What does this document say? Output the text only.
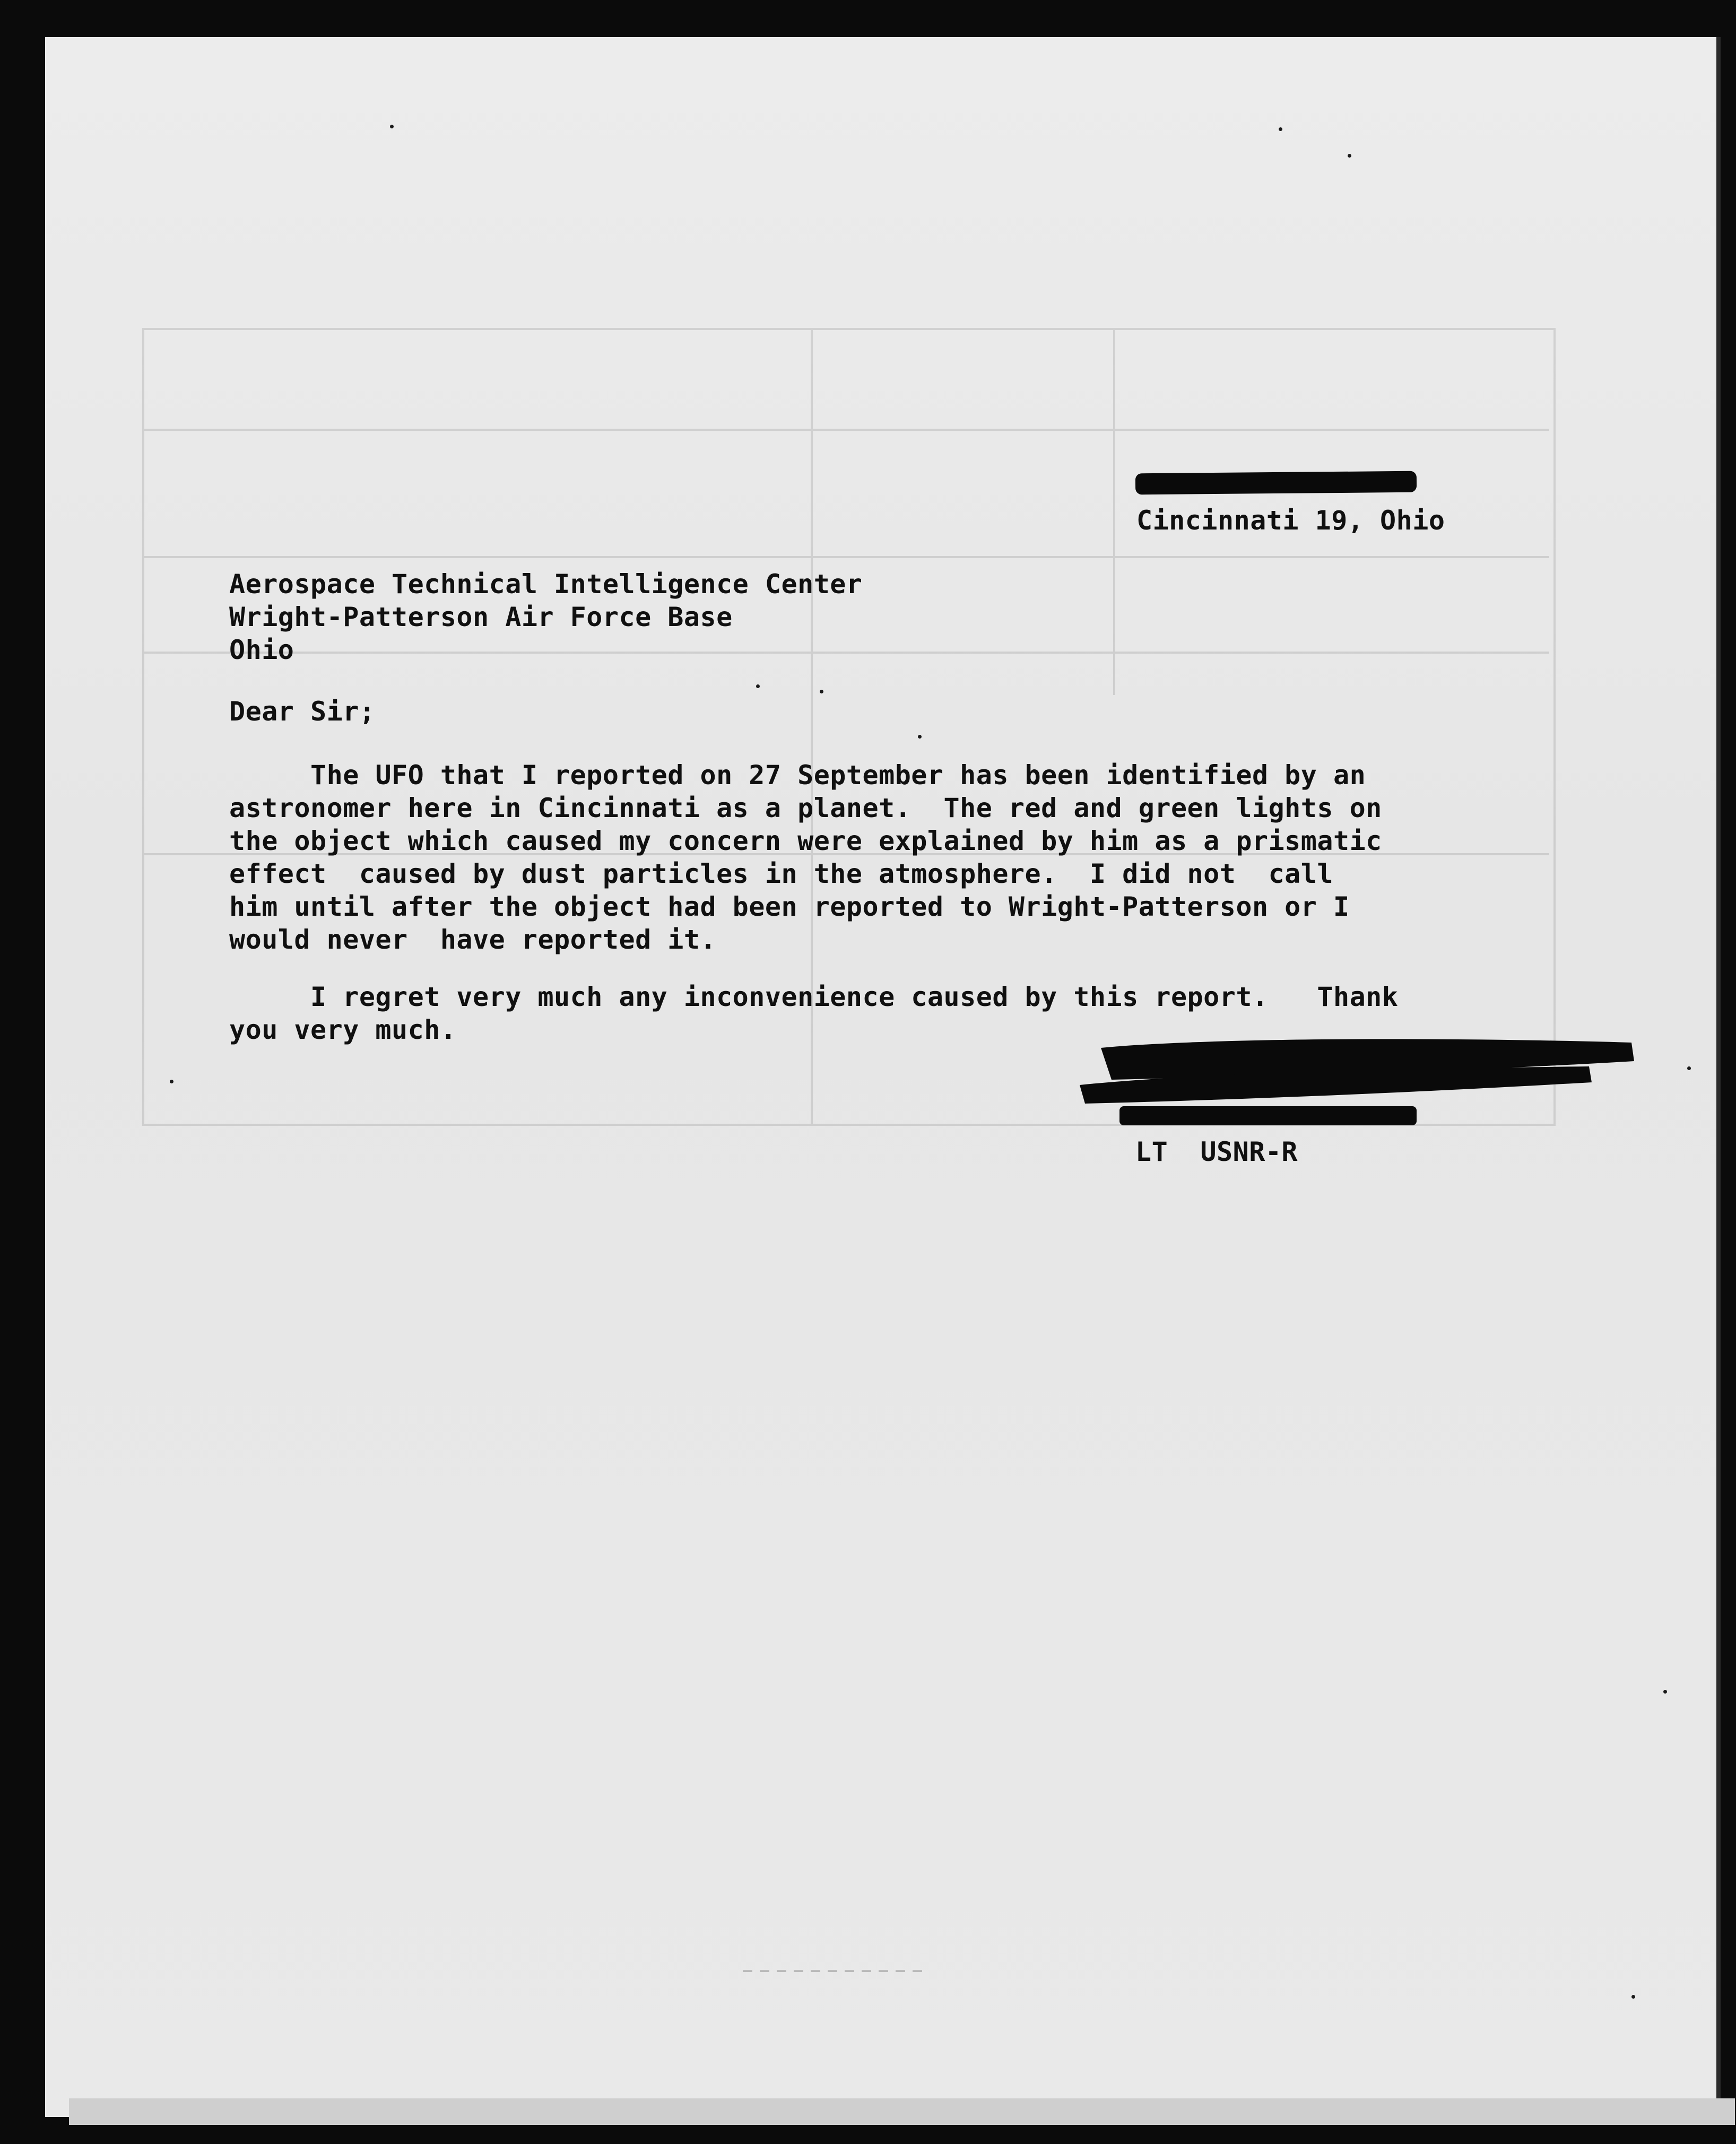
Cincinnati 19, Ohio
Aerospace Technical Intelligence Center
Wright-Patterson Air Force Base
Ohio
Dear Sir;
The UFO that I reported on 27 September has been identified by an
astronomer here in Cincinnati as a planet.  The red and green lights on
the object which caused my concern were explained by him as a prismatic
effect  caused by dust particles in the atmosphere.  I did not  call
him until after the object had been reported to Wright-Patterson or I
would never  have reported it.
I regret very much any inconvenience caused by this report.   Thank
you very much.
LT  USNR-R
